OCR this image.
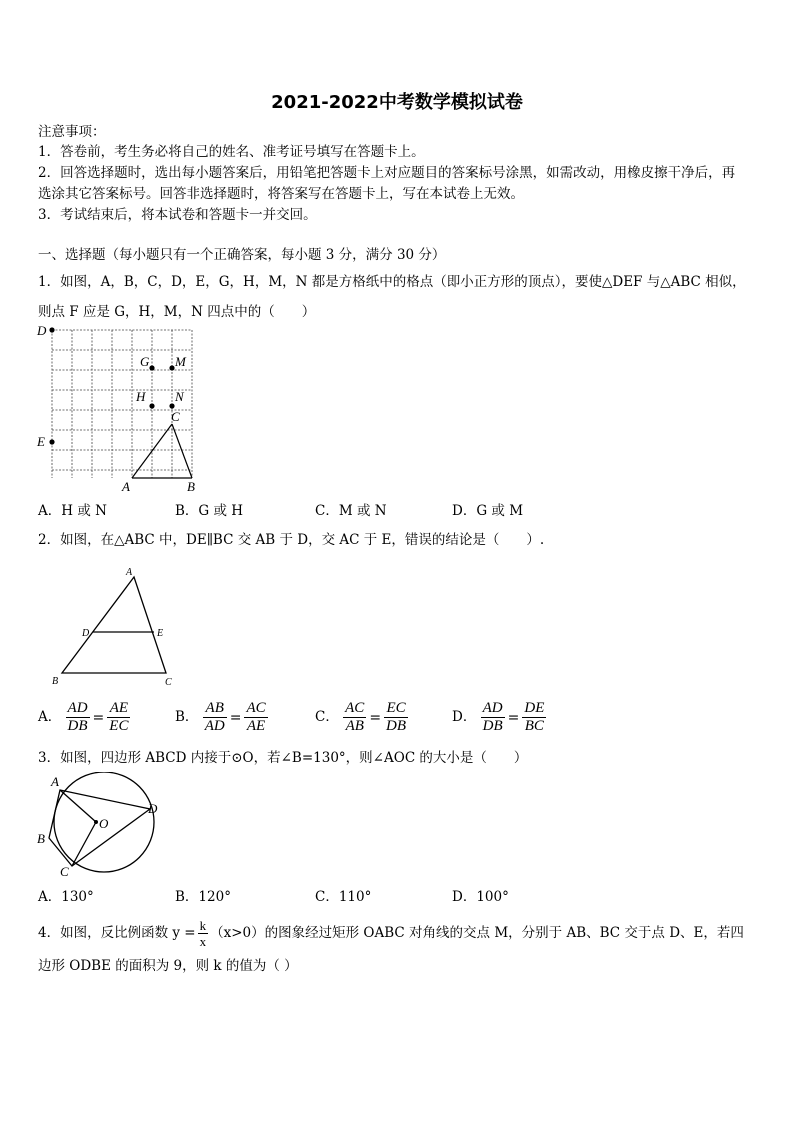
2021-2022中考数学模拟试卷
注意事项：
1．答卷前，考生务必将自己的姓名、准考证号填写在答题卡上。
2．回答选择题时，选出每小题答案后，用铅笔把答题卡上对应题目的答案标号涂黑，如需改动，用橡皮擦干净后，再
选涂其它答案标号。回答非选择题时，将答案写在答题卡上，写在本试卷上无效。
3．考试结束后，将本试卷和答题卡一并交回。
一、选择题（每小题只有一个正确答案，每小题 3 分，满分 30 分）
1．如图，A，B，C，D，E，G，H，M，N 都是方格纸中的格点（即小正方形的顶点），要使△DEF 与△ABC 相似，
则点 F 应是 G，H，M，N 四点中的（　　）
D
E
G M
H N
C
A	B
A．H 或 N	B．G 或 H	C．M 或 N	D．G 或 M
2．如图，在△ABC 中，DE∥BC 交 AB 于 D，交 AC 于 E，错误的结论是（　　）.
A
D	E
B	C
A． $\frac{AD}{DB} = \frac{AE}{EC}$	B． $\frac{AB}{AD} = \frac{AC}{AE}$	C． $\frac{AC}{AB} = \frac{EC}{DB}$	D． $\frac{AD}{DB} = \frac{DE}{BC}$
3．如图，四边形 ABCD 内接于⊙O，若∠B=130°，则∠AOC 的大小是（　　）
A
B
C
D
O
A．130°	B．120°	C．110°	D．100°
4．如图，反比例函数 $y = \frac{k}{x} (x>0)$的图象经过矩形 OABC 对角线的交点 M，分别于 AB、BC 交于点 D、E，若四
边形 ODBE 的面积为 9，则 k 的值为（ ）
